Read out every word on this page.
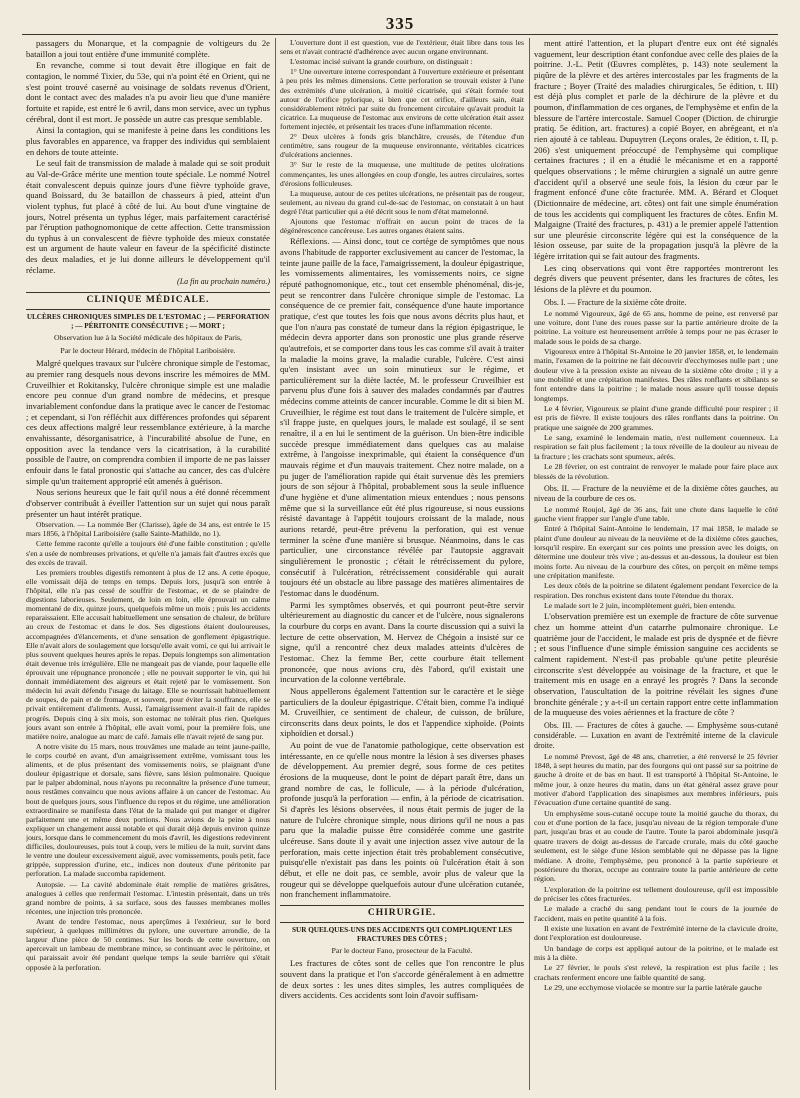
335

passagers du Monarque, et la compagnie de voltigeurs du 2e bataillon a joui tout entière d'une immunité complète.

En revanche, comme si tout devait être illogique en fait de contagion, le nommé Tixier, du 53e, qui n'a point été en Orient, qui ne s'est point trouvé caserné au voisinage de soldats revenus d'Orient, dont le contact avec des malades n'a pu avoir lieu que d'une manière fortuite et rapide, est entré le 6 avril, dans mon service, avec un typhus cérébral, dont il est mort. Je possède un autre cas presque semblable.

Ainsi la contagion, qui se manifeste à peine dans les conditions les plus favorables en apparence, va frapper des individus qui semblaient en dehors de toute atteinte.

Le seul fait de transmission de malade à malade qui se soit produit au Val-de-Grâce mérite une mention toute spéciale. Le nommé Notrel était convalescent depuis quinze jours d'une fièvre typhoïde grave, quand Boissard, du 3e bataillon de chasseurs à pied, atteint d'un violent typhus, fut placé à côté de lui. Au bout d'une vingtaine de jours, Notrel présenta un typhus léger, mais parfaitement caractérisé par l'éruption pathognomonique de cette affection. Cette transmission du typhus à un convalescent de fièvre typhoïde des mieux constatée est un argument de haute valeur en faveur de la spécificité distincte des deux maladies, et je lui donne ailleurs le développement qu'il réclame.

(La fin au prochain numéro.)
CLINIQUE MÉDICALE.
ULCÈRES CHRONIQUES SIMPLES DE L'ESTOMAC ; — PERFORATION ; — PÉRITONITE CONSÉCUTIVE ; — MORT ;
Observation lue à la Société médicale des hôpitaux de Paris,
Par le docteur Hérard, médecin de l'hôpital Lariboisière.

Malgré quelques travaux sur l'ulcère chronique simple de l'estomac, au premier rang desquels nous devons inscrire les mémoires de MM. Cruveilhier et Rokitansky, l'ulcère chronique simple est une maladie encore peu connue d'un grand nombre de médecins, et presque invariablement confondue dans la pratique avec le cancer de l'estomac ; et cependant, si l'on réfléchit aux différences profondes qui séparent ces deux affections malgré leur ressemblance extérieure, à la marche envahissante, désorganisatrice, à l'incurabilité absolue de l'une, en opposition avec la tendance vers la cicatrisation, à la curabilité possible de l'autre, on comprendra combien il importe de ne pas laisser enfouir dans le fatal pronostic qui s'attache au cancer, des cas d'ulcère simple qu'un traitement approprié eût amenés à guérison.

Nous serions heureux que le fait qu'il nous a été donné récemment d'observer contribuât à éveiller l'attention sur un sujet qui nous paraît présenter un haut intérêt pratique.

Observation. — La nommée Ber (Clarisse), âgée de 34 ans, est entrée le 15 mars 1856, à l'hôpital Lariboisière (salle Sainte-Mathilde, no 1).

Cette femme raconte qu'elle a toujours été d'une faible constitution ; qu'elle s'en a usée de nombreuses privations, et qu'elle n'a jamais fait d'autres excès que des excès de travail.

Les premiers troubles digestifs remontent à plus de 12 ans. A cette époque, elle vomissait déjà de temps en temps. Depuis lors, jusqu'à son entrée à l'hôpital, elle n'a pas cessé de souffrir de l'estomac, et de se plaindre de digestions laborieuses. Seulement, de loin en loin, elle éprouvait un calme momentané de dix, quinze jours, quelquefois même un mois ; puis les accidents reparaissaient. Elle accusait habituellement une sensation de chaleur, de brûlure au creux de l'estomac et dans le dos. Ses digestions étaient douloureuses, accompagnées d'élancements, et d'une sensation de gonflement épigastrique. Elle n'avait alors de soulagement que lorsqu'elle avait vomi, ce qui lui arrivait le plus souvent quelques heures après le repas. Depuis longtemps son alimentation était devenue très irrégulière. Elle ne mangeait pas de viande, pour laquelle elle éprouvait une répugnance prononcée ; elle ne pouvait supporter le vin, qui lui donnait immédiatement des aigreurs et était rejeté par le vomissement. Son médecin lui avait défendu l'usage du laitage. Elle se nourrissait habituellement de soupes, de pain et de fromage, et souvent, pour éviter la souffrance, elle se privait entièrement d'aliments. Aussi, l'amaigrissement avait-il fait de rapides progrès. Depuis cinq à six mois, son estomac ne tolérait plus rien. Quelques jours avant son entrée à l'hôpital, elle avait vomi, pour la première fois, une matière noire, analogue au marc de café. Jamais elle n'avait rejeté de sang pur.

A notre visite du 15 mars, nous trouvâmes une malade au teint jaune-paille, le corps courbé en avant, d'un amaigrissement extrême, vomissant tous les aliments, et de plus présentant des vomissements noirs, se plaignant d'une douleur épigastrique et dorsale, sans fièvre, sans lésion pulmonaire. Quoique par le palper abdominal, nous n'ayons pu reconnaître la présence d'une tumeur, nous restâmes convaincu que nous avions affaire à un cancer de l'estomac. Au bout de quelques jours, sous l'influence du repos et du régime, une amélioration extraordinaire se manifesta dans l'état de la malade qui put manger et digérer parfaitement une et même deux portions. Nous avions de la peine à nous expliquer un changement aussi notable et qui durait déjà depuis environ quinze jours, lorsque dans le commencement du mois d'avril, les digestions redevinrent difficiles, douloureuses, puis tout à coup, vers le milieu de la nuit, survint dans le ventre une douleur excessivement aiguë, avec vomissements, pouls petit, face grippée, suppression d'urine, etc., indices non douteux d'une péritonite par perforation. La malade succomba rapidement.

Autopsie. — La cavité abdominale était remplie de matières grisâtres, analogues à celles que renfermait l'estomac. L'intestin présentait, dans un très grand nombre de points, à sa surface, sous des fausses membranes molles récentes, une injection très prononcée.

Avant de tendre l'estomac, nous aperçûmes à l'extérieur, sur le bord supérieur, à quelques millimètres du pylore, une ouverture arrondie, de la largeur d'une pièce de 50 centimes. Sur les bords de cette ouverture, on apercevait un lambeau de membrane mince, se continuant avec le péritoine, et qui paraissait avoir été pendant quelque temps la seule barrière qui s'était opposée à la perforation.

L'ouverture dont il est question, vue de l'extérieur, était libre dans tous les sens et n'avait contracté d'adhérence avec aucun organe environnant.

L'estomac incisé suivant la grande courbure, on distinguait :

1° Une ouverture interne correspondant à l'ouverture extérieure et présentant à peu près les mêmes dimensions. Cette perforation se trouvait exister à l'une des extrémités d'une ulcération, à moitié cicatrisée, qui s'était formée tout autour de l'orifice pylorique, si bien que cet orifice, d'ailleurs sain, était considérablement rétréci par suite du froncement circulaire qu'avait produit la cicatrice. La muqueuse de l'estomac aux environs de cette ulcération était assez fortement injectée, et présentait les traces d'une inflammation récente.

2° Deux ulcères à fonds gris blanchâtre, creusés, de l'étendue d'un centimètre, sans rougeur de la muqueuse environnante, véritables cicatrices d'ulcérations anciennes.

3° Sur le reste de la muqueuse, une multitude de petites ulcérations commençantes, les unes allongées en coup d'ongle, les autres circulaires, sortes d'érosions folliculeuses.

La muqueuse, autour de ces petites ulcérations, ne présentait pas de rougeur, seulement, au niveau du grand cul-de-sac de l'estomac, on constatait à un haut degré l'état particulier qui a été décrit sous le nom d'état mamelonné.

Ajoutons que l'estomac n'offrait en aucun point de traces de la dégénérescence cancéreuse. Les autres organes étaient sains.

Réflexions. — Ainsi donc, tout ce cortège de symptômes que nous avons l'habitude de rapporter exclusivement au cancer de l'estomac, la teinte jaune paille de la face, l'amaigrissement, la douleur épigastrique, les vomissements alimentaires, les vomissements noirs, ce signe réputé pathognomonique, etc., tout cet ensemble phénoménal, dis-je, peut se rencontrer dans l'ulcère chronique simple de l'estomac. La conséquence de ce premier fait, conséquence d'une haute importance pratique, c'est que toutes les fois que nous avons décrits plus haut, et que l'on n'aura pas constaté de tumeur dans la région épigastrique, le médecin devra apporter dans son pronostic une plus grande réserve qu'autrefois, et se comporter dans tous les cas comme s'il avait à traiter la maladie la moins grave, la maladie curable, l'ulcère. C'est ainsi qu'en insistant avec un soin minutieux sur le régime, et particulièrement sur la diète lactée, M. le professeur Cruveilhier est parvenu plus d'une fois à sauver des malades condamnés par d'autres médecins comme atteints de cancer incurable. Comme le dit si bien M. Cruveilhier, le régime est tout dans le traitement de l'ulcère simple, et s'il frappe juste, en quelques jours, le malade est soulagé, il se sent renaître, il a en lui le sentiment de la guérison. Un bien-être indicible succède presque immédiatement dans quelques cas au malaise extrême, à l'angoisse inexprimable, qui étaient la conséquence d'un mauvais régime et d'un mauvais traitement. Chez notre malade, on a pu juger de l'amélioration rapide qui était survenue dès les premiers jours de son séjour à l'hôpital, probablement sous la seule influence d'une hygiène et d'une alimentation mieux entendues ; nous pensons même que si la surveillance eût été plus rigoureuse, si nous eussions résisté davantage à l'appétit toujours croissant de la malade, nous aurions retardé, peut-être prévenu la perforation, qui est venue terminer la scène d'une manière si brusque. Néanmoins, dans le cas particulier, une circonstance révélée par l'autopsie aggravait singulièrement le pronostic ; c'était le rétrécissement du pylore, consécutif à l'ulcération, rétrécissement considérable qui aurait toujours été un obstacle au libre passage des matières alimentaires de l'estomac dans le duodénum.

Parmi les symptômes observés, et qui pourront peut-être servir ultérieurement au diagnostic du cancer et de l'ulcère, nous signalerons la courbure du corps en avant. Dans la courte discussion qui a suivi la lecture de cette observation, M. Hervez de Chégoin a insisté sur ce signe, qu'il a rencontré chez deux malades atteints d'ulcères de l'estomac. Chez la femme Ber, cette courbure était tellement prononcée, que nous avions cru, dès l'abord, qu'il existait une incurvation de la colonne vertébrale.

Nous appellerons également l'attention sur le caractère et le siège particuliers de la douleur épigastrique. C'était bien, comme l'a indiqué M. Cruveilhier, ce sentiment de chaleur, de cuisson, de brûlure, circonscrits dans deux points, le dos et l'appendice xiphoïde. (Points xiphoïdien et dorsal.)

Au point de vue de l'anatomie pathologique, cette observation est intéressante, en ce qu'elle nous montre la lésion à ses diverses phases de développement. Au premier degré, sous forme de ces petites érosions de la muqueuse, dont le point de départ paraît être, dans un grand nombre de cas, le follicule, — à la période d'ulcération, profonde jusqu'à la perforation — enfin, à la période de cicatrisation. Si d'après les lésions observées, il nous était permis de juger de la nature de l'ulcère chronique simple, nous dirions qu'il ne nous a pas paru que la maladie puisse être considérée comme une gastrite ulcéreuse. Sans doute il y avait une injection assez vive autour de la perforation, mais cette injection était très probablement consécutive, puisqu'elle n'existait pas dans les points où l'ulcération était à son début, et elle ne doit pas, ce semble, avoir plus de valeur que la rougeur qui se développe quelquefois autour d'une ulcération cutanée, non franchement inflammatoire.

CHIRURGIE.
SUR QUELQUES-UNS DES ACCIDENTS QUI COMPLIQUENT LES FRACTURES DES CÔTES ;
Par le docteur Fano, prosecteur de la Faculté.

Les fractures de côtes sont de celles que l'on rencontre le plus souvent dans la pratique et l'on s'accorde généralement à en admettre de deux sortes : les unes dites simples, les autres compliquées de divers accidents. Ces accidents sont loin d'avoir suffisam-

ment attiré l'attention, et la plupart d'entre eux ont été signalés vaguement, leur description étant confondue avec celle des plaies de la poitrine. J.-L. Petit (Œuvres complètes, p. 143) note seulement la piqûre de la plèvre et des artères intercostales par les fragments de la fracture ; Boyer (Traité des maladies chirurgicales, 5e édition, t. III) est déjà plus complet et parle de la déchirure de la plèvre et du poumon, d'inflammation de ces organes, de l'emphysème et enfin de la blessure de l'artère intercostale. Samuel Cooper (Diction. de chirurgie pratiq. 5e édition, art. fractures) a copié Boyer, en abrégeant, et n'a rien ajouté à ce tableau. Dupuytren (Leçons orales, 2e édition, t. II, p. 206) s'est uniquement préoccupé de l'emphysème qui complique certaines fractures ; il en a étudié le mécanisme et en a rapporté quelques observations ; le même chirurgien a signalé un autre genre d'accident qu'il a observé une seule fois, la lésion du cœur par le fragment enfoncé d'une côte fracturée. MM. A. Bérard et Cloquet (Dictionnaire de médecine, art. côtes) ont fait une simple énumération de tous les accidents qui compliquent les fractures de côtes. Enfin M. Malgaigne (Traité des fractures, p. 431) a le premier appelé l'attention sur une pleurésie circonscrite légère qui est la conséquence de la lésion osseuse, par suite de la propagation jusqu'à la plèvre de la légère irritation qui se fait autour des fragments.

Les cinq observations qui vont être rapportées montreront les degrés divers que peuvent présenter, dans les fractures de côtes, les lésions de la plèvre et du poumon.

Obs. I. — Fracture de la sixième côte droite.

Le nommé Vigoureux, âgé de 65 ans, homme de peine, est renversé par une voiture, dont l'une des roues passe sur la partie antérieure droite de la poitrine. La voiture est heureusement arrêtée à temps pour ne pas écraser le malade sous le poids de sa charge.

Vigoureux entre à l'hôpital St-Antoine le 20 janvier 1858, et, le lendemain matin, l'examen de la poitrine ne fait découvrir d'ecchymoses nulle part ; une douleur vive à la pression existe au niveau de la sixième côte droite ; il y a une mobilité et une crépitation manifestes. Des râles ronflants et sibilants se font entendre dans la poitrine ; le malade nous assure qu'il tousse depuis longtemps.

Le 4 février, Vigoureux se plaint d'une grande difficulté pour respirer ; il est pris de fièvre. Il existe toujours des râles ronflants dans la poitrine. On pratique une saignée de 200 grammes.

Le sang, examiné le lendemain matin, n'est nullement couenneux. La respiration se fait plus facilement ; la toux réveille de la douleur au niveau de la fracture ; les crachats sont spumeux, aérés.

Le 28 février, on est contraint de renvoyer le malade pour faire place aux blessés de la révolution.

Obs. II. — Fracture de la neuvième et de la dixième côtes gauches, au niveau de la courbure de ces os.

Le nommé Roujol, âgé de 36 ans, fait une chute dans laquelle le côté gauche vient frapper sur l'angle d'une table.

Entré à l'hôpital Saint-Antoine le lendemain, 17 mai 1858, le malade se plaint d'une douleur au niveau de la neuvième et de la dixième côtes gauches, lorsqu'il respire. En exerçant sur ces points une pression avec les doigts, on détermine une douleur très vive ; au-dessus et au-dessous, la douleur est bien moins forte. Au niveau de la courbure des côtes, on perçoit en même temps une crépitation manifeste.

Les deux côtés de la poitrine se dilatent également pendant l'exercice de la respiration. Des ronchus existent dans toute l'étendue du thorax.

Le malade sort le 2 juin, incomplètement guéri, bien entendu.

L'observation première est un exemple de fracture de côte survenue chez un homme atteint d'un catarrhe pulmonaire chronique. Le quatrième jour de l'accident, le malade est pris de dyspnée et de fièvre ; et sous l'influence d'une simple émission sanguine ces accidents se calment rapidement. N'est-il pas probable qu'une petite pleurésie circonscrite s'est développée au voisinage de la fracture, et que le traitement mis en usage en a enrayé les progrès ? Dans la seconde observation, l'auscultation de la poitrine révélait les signes d'une bronchite générale ; y a-t-il un certain rapport entre cette inflammation de la muqueuse des voies aériennes et la fracture de côte ?

Obs. III. — Fractures de côtes à gauche. — Emphysème sous-cutané considérable. — Luxation en avant de l'extrémité interne de la clavicule droite.

Le nommé Prevost, âgé de 48 ans, charretier, a été renversé le 25 février 1848, à sept heures du matin, par des fourgons qui ont passé sur sa poitrine de gauche à droite et de bas en haut. Il est transporté à l'hôpital St-Antoine, le même jour, à onze heures du matin, dans un état général assez grave pour motiver d'abord l'application des sinapismes aux membres inférieurs, puis l'évacuation d'une certaine quantité de sang.

Un emphysème sous-cutané occupe toute la moitié gauche du thorax, du cou et d'une portion de la face, jusqu'au niveau de la région temporale d'une part, jusqu'au bras et au coude de l'autre. Toute la paroi abdominale jusqu'à quatre travers de doigt au-dessus de l'arcade crurale, mais du côté gauche seulement, est le siège d'une lésion semblable qui ne dépasse pas la ligne médiane. A droite, l'emphysème, peu prononcé à la partie supérieure et postérieure du thorax, occupe au contraire toute la partie antérieure de cette région.

L'exploration de la poitrine est tellement douloureuse, qu'il est impossible de préciser les côtes fracturées.

Le malade a craché du sang pendant tout le cours de la journée de l'accident, mais en petite quantité à la fois.

Il existe une luxation en avant de l'extrémité interne de la clavicule droite, dont l'exploration est douloureuse.

Un bandage de corps est appliqué autour de la poitrine, et le malade est mis à la diète.

Le 27 février, le pouls s'est relevé, la respiration est plus facile ; les crachats renferment encore une faible quantité de sang.

Le 29, une ecchymose violacée se montre sur la partie latérale gauche
